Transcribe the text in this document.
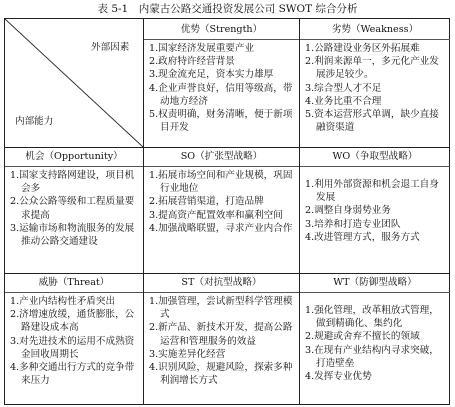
表 5-1　内蒙古公路交通投资发展公司 SWOT 综合分析
外部因素
内部能力
优势（Strength）
1.国家经济发展重要产业
2.政府特许经营背景
3.现金流充足，资本实力雄厚
4.企业声誉良好，信用等级高，带动地方经济
5.权责明确，财务清晰，便于新项目开发
劣势（Weakness）
1.公路建设业务区外拓展难
2.利润来源单一，多元化产业发展涉足较少。
3.综合型人才不足
4.业务比重不合理
5.资本运营形式单调，缺少直接融资渠道
机会（Opportunity）
1.国家支持路网建设，项目机会多
2.公众公路等级和工程质量要求提高
3.运输市场和物流服务的发展推动公路交通建设
SO（扩张型战略）
1.拓展市场空间和产业规模，巩固行业地位
2.拓展营销渠道，打造品牌
3.提高资产配置效率和赢利空间
4.加强战略联盟，寻求产业内合作
WO（争取型战略）
1.利用外部资源和机会退工自身发展
2.调整自身弱势业务
3.培养和打造专业团队
4.改进管理方式，服务方式
威胁（Threat）
1.产业内结构性矛盾突出
2.济增速放缓，通货膨胀，公路建设成本高
3.对先进技术的运用不成熟资金回收周期长
4.多种交通出行方式的竞争带来压力
ST（对抗型战略）
1.加强管理，尝试新型科学管理模式
2.新产品、新技术开发，提高公路运营和管理服务的效益
3.实施差异化经营
4.识别风险，规避风险，探索多种利润增长方式
WT（防御型战略）
1.强化管理，改革粗放式管理，做到精确化、集约化
2.规避或舍弃不擅长的领域
3.在现有产业结构内寻求突破，打造壁垒
4.发挥专业优势
